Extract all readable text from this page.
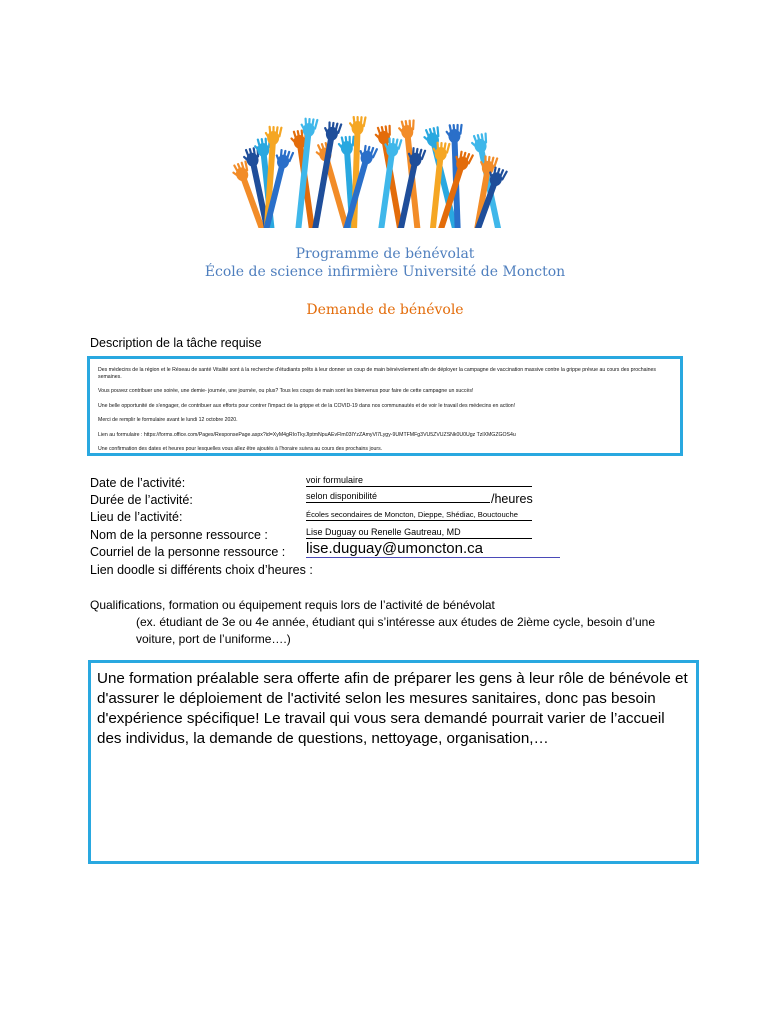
Programme de bénévolat
École de science infirmière Université de Moncton
Demande de bénévole
Description de la tâche requise

Des médecins de la région et le Réseau de santé Vitalité sont à la recherche d'étudiants prêts à leur donner un coup de main bénévolement afin de déployer la campagne de vaccination massive contre la grippe prévue au cours des prochaines semaines.

Vous pouvez contribuer une soirée, une demie- journée, une journée, ou plus? Tous les coups de main sont les bienvenus pour faire de cette campagne un succès!

Une belle opportunité de s'engager, de contribuer aux efforts pour contrer l'impact de la grippe et de la COVID-19 dans nos communautés et de voir le travail des médecins en action!

Merci de remplir le formulaire avant le lundi 12 octobre 2020.

Lien au formulaire : https://forms.office.com/Pages/ResponsePage.aspx?id=XyM4gRIoTkyJIptmNpuAEvFlm03IYzZAmyVl7Lygy-9UMTFMFg3VU5ZVUZSNk0U0Ugz TzlXMGZGOS4u

Une confirmation des dates et heures pour lesquelles vous allez être ajoutés à l'horaire suivra au cours des prochains jours.

Date de l’activité:	voir formulaire
Durée de l’activité:	selon disponibilité	/heures
Lieu de l’activité:	Écoles secondaires de Moncton, Dieppe, Shédiac, Bouctouche
Nom de la personne ressource :	Lise Duguay ou Renelle Gautreau, MD
Courriel de la personne ressource : lise.duguay@umoncton.ca
Lien doodle si différents choix d’heures :
Qualifications, formation ou équipement requis lors de l’activité de bénévolat
(ex. étudiant de 3e ou 4e année, étudiant qui s’intéresse aux études de 2ième cycle, besoin d’une
voiture, port de l’uniforme….)
Une formation préalable sera offerte afin de préparer les gens à leur rôle de bénévole et d'assurer le déploiement de l'activité selon les mesures sanitaires, donc pas besoin d'expérience spécifique! Le travail qui vous sera demandé pourrait varier de l’accueil des individus, la demande de questions, nettoyage, organisation,…
